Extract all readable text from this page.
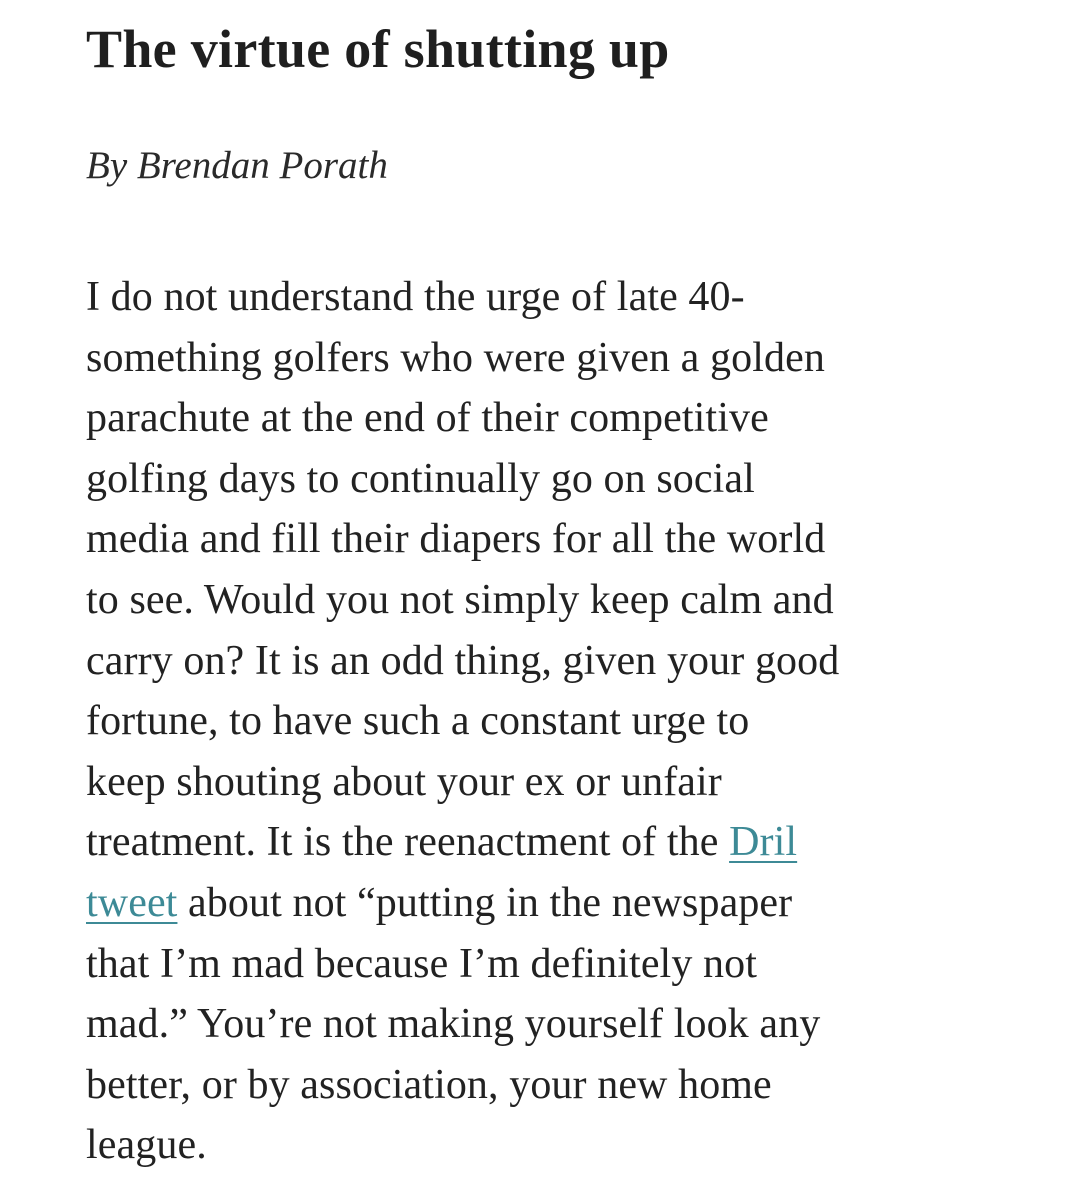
The virtue of shutting up

By Brendan Porath

I do not understand the urge of late 40-
something golfers who were given a golden
parachute at the end of their competitive
golfing days to continually go on social
media and fill their diapers for all the world
to see. Would you not simply keep calm and
carry on? It is an odd thing, given your good
fortune, to have such a constant urge to
keep shouting about your ex or unfair
treatment. It is the reenactment of the Dril
tweet about not “putting in the newspaper
that I’m mad because I’m definitely not
mad.” You’re not making yourself look any
better, or by association, your new home
league.
